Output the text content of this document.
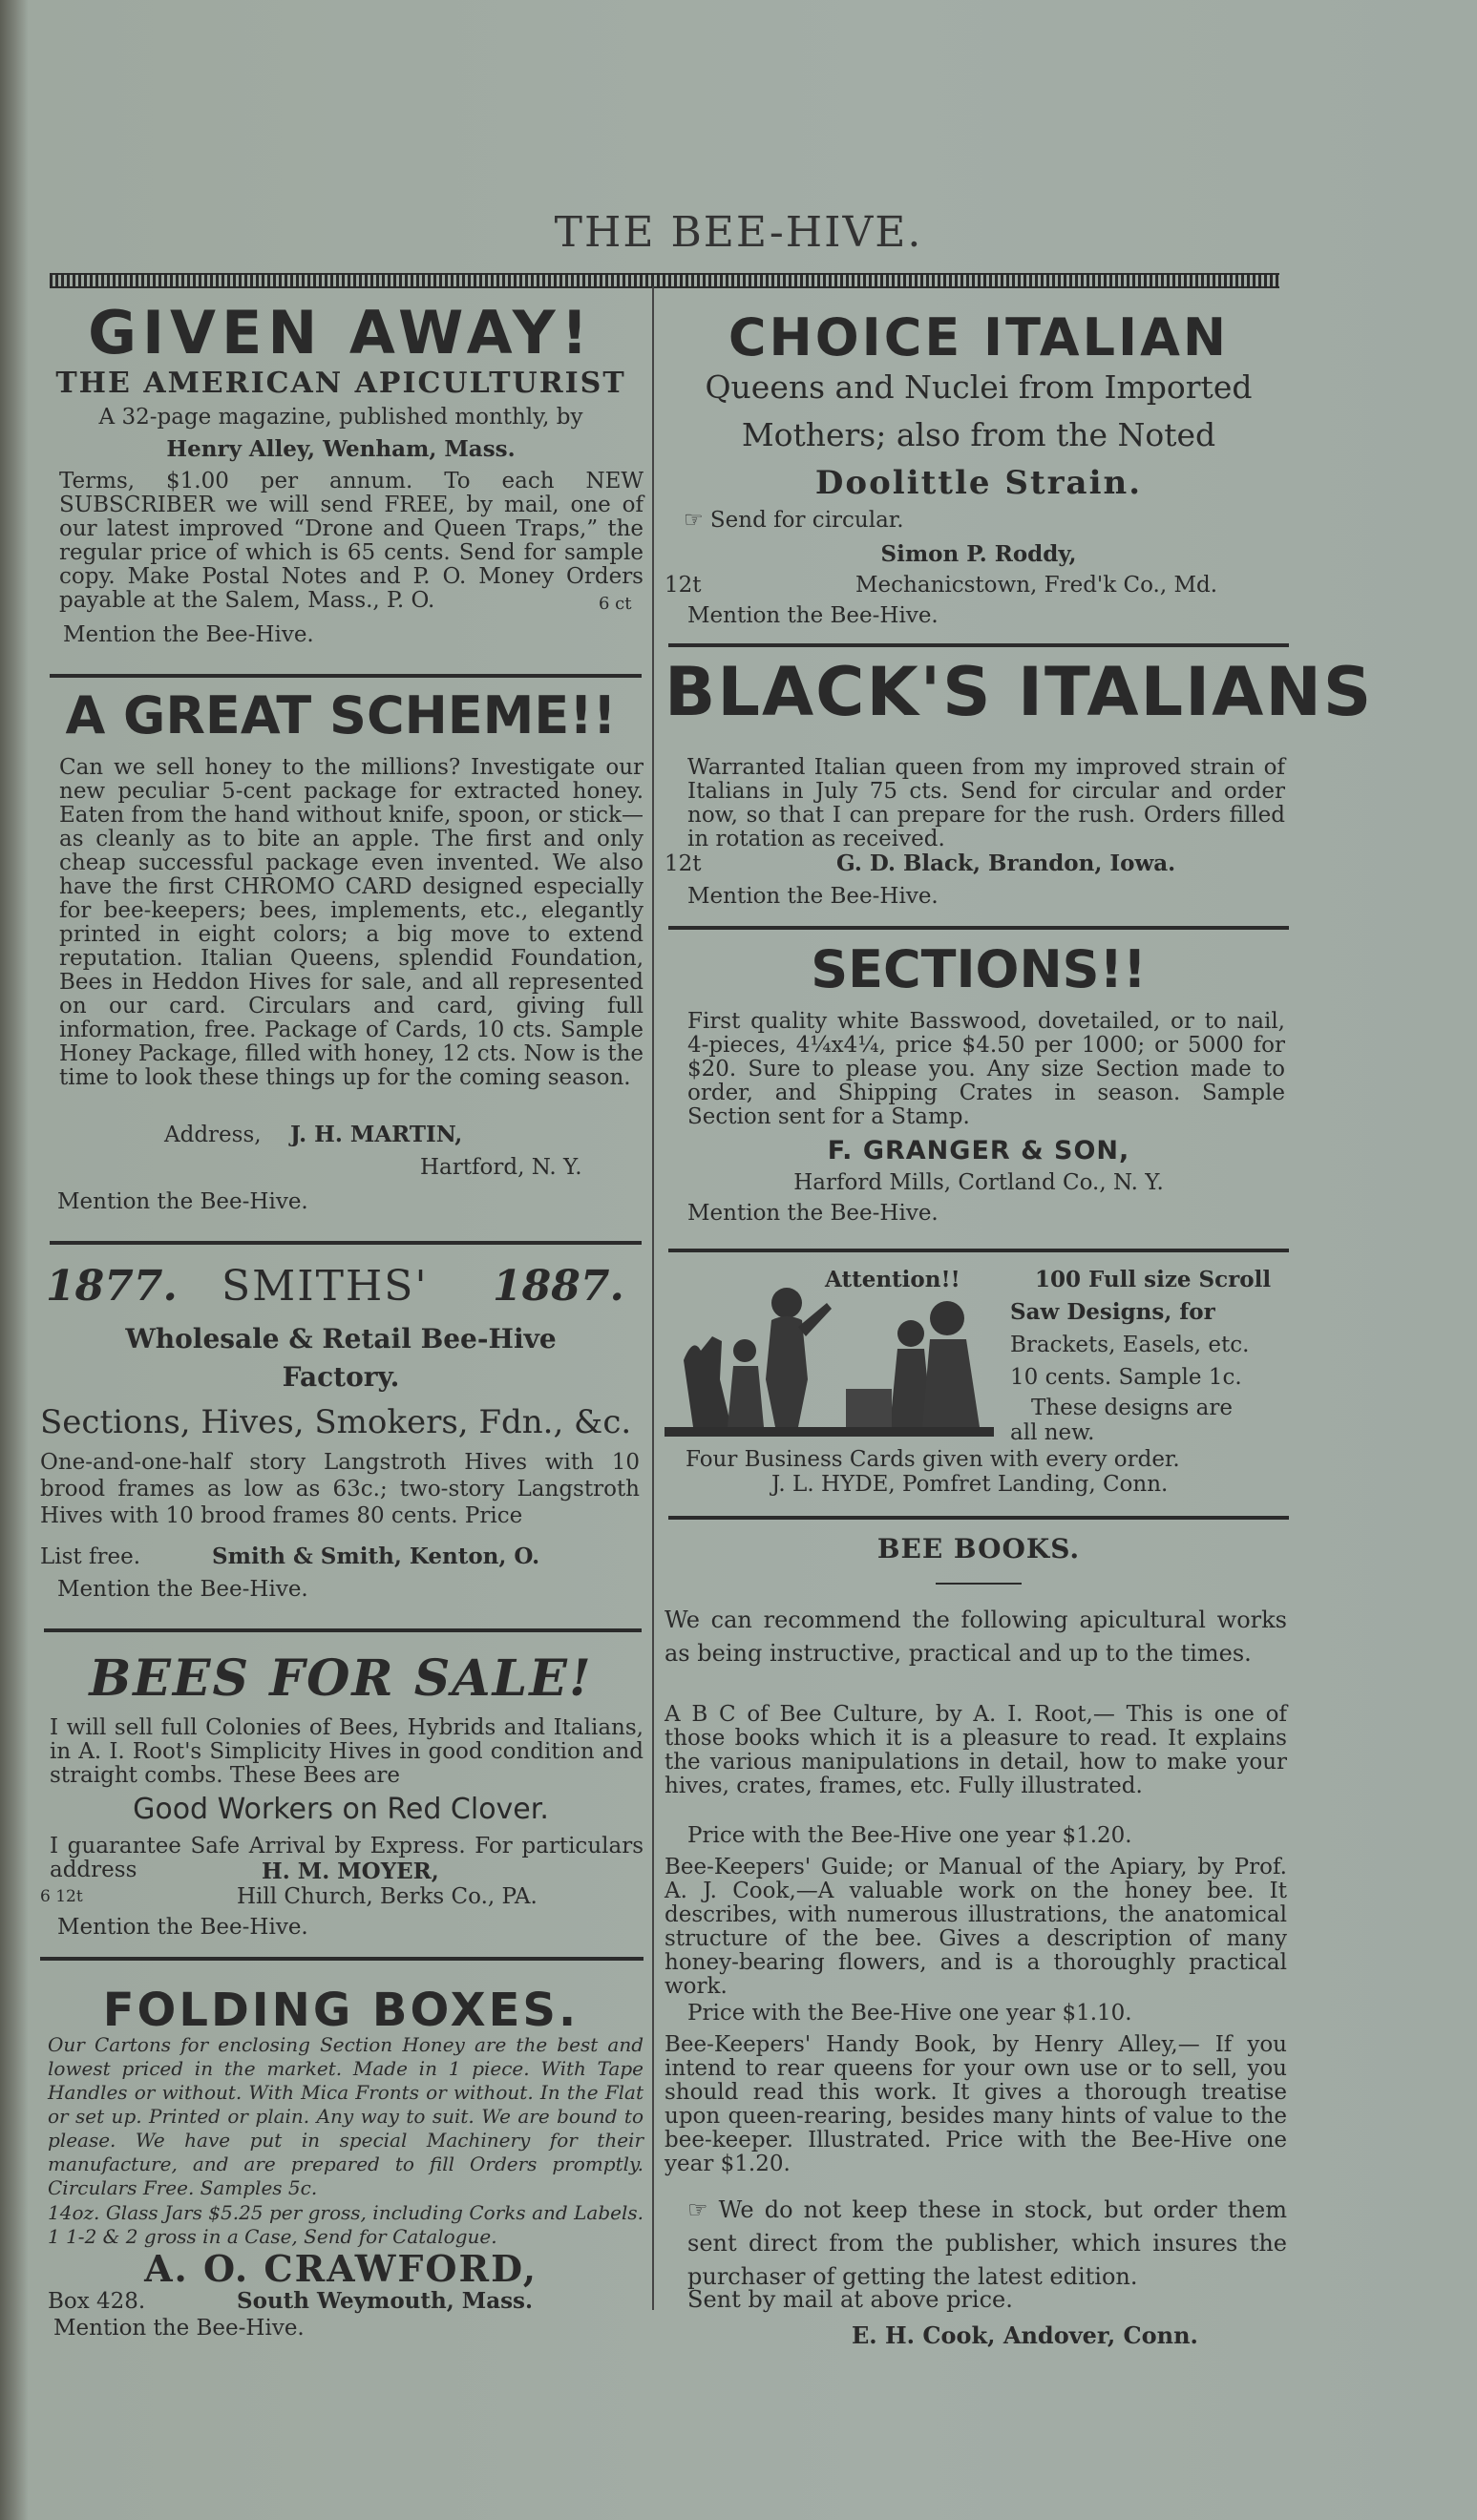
THE BEE-HIVE.
GIVEN AWAY!
THE AMERICAN APICULTURIST
A 32-page magazine, published monthly, by
Henry Alley, Wenham, Mass.
Terms, $1.00 per annum. To each NEW SUBSCRIBER we will send FREE, by mail, one of our latest improved “Drone and Queen Traps,” the regular price of which is 65 cents. Send for sample copy. Make Postal Notes and P. O. Money Orders payable at the Salem, Mass., P. O.	6 ct
Mention the Bee-Hive.
A GREAT SCHEME!!
Can we sell honey to the millions? Investigate our new peculiar 5-cent package for extracted honey. Eaten from the hand without knife, spoon, or stick—as cleanly as to bite an apple. The first and only cheap successful package even invented. We also have the first CHROMO CARD designed especially for bee-keepers; bees, implements, etc., elegantly printed in eight colors; a big move to extend reputation. Italian Queens, splendid Foundation, Bees in Heddon Hives for sale, and all represented on our card. Circulars and card, giving full information, free. Package of Cards, 10 cts. Sample Honey Package, filled with honey, 12 cts. Now is the time to look these things up for the coming season.
Address, J. H. MARTIN,
Hartford, N. Y.
Mention the Bee-Hive.
1877. SMITHS' 1887.
Wholesale & Retail Bee-Hive
Factory.
Sections, Hives, Smokers, Fdn., &c.
One-and-one-half story Langstroth Hives with 10 brood frames as low as 63c.; two-story Langstroth Hives with 10 brood frames 80 cents. Price
List free.	Smith & Smith, Kenton, O.
Mention the Bee-Hive.
BEES FOR SALE!
I will sell full Colonies of Bees, Hybrids and Italians, in A. I. Root's Simplicity Hives in good condition and straight combs. These Bees are
Good Workers on Red Clover.
I guarantee Safe Arrival by Express. For particulars address	H. M. MOYER,
6 12t	Hill Church, Berks Co., PA.
Mention the Bee-Hive.
FOLDING BOXES.
Our Cartons for enclosing Section Honey are the best and lowest priced in the market. Made in 1 piece. With Tape Handles or without. With Mica Fronts or without. In the Flat or set up. Printed or plain. Any way to suit. We are bound to please. We have put in special Machinery for their manufacture, and are prepared to fill Orders promptly. Circulars Free. Samples 5c.
14oz. Glass Jars $5.25 per gross, including Corks and Labels. 1 1-2 & 2 gross in a Case, Send for Catalogue.
A. O. CRAWFORD,
Box 428.	South Weymouth, Mass.
Mention the Bee-Hive.
CHOICE ITALIAN
Queens and Nuclei from Imported
Mothers; also from the Noted
Doolittle Strain.
☞ Send for circular.
Simon P. Roddy,
12t	Mechanicstown, Fred'k Co., Md.
Mention the Bee-Hive.
BLACK'S ITALIANS
Warranted Italian queen from my improved strain of Italians in July 75 cts. Send for circular and order now, so that I can prepare for the rush. Orders filled in rotation as received.
12t	G. D. Black, Brandon, Iowa.
Mention the Bee-Hive.
SECTIONS!!
First quality white Basswood, dovetailed, or to nail, 4-pieces, 4¼x4¼, price $4.50 per 1000; or 5000 for $20. Sure to please you. Any size Section made to order, and Shipping Crates in season. Sample Section sent for a Stamp.
F. GRANGER & SON,
Harford Mills, Cortland Co., N. Y.
Mention the Bee-Hive.
Attention!!	100 Full size Scroll
Saw Designs, for
Brackets, Easels, etc.
10 cents. Sample 1c.
These designs are
all new.
Four Business Cards given with every order.
J. L. HYDE, Pomfret Landing, Conn.
BEE BOOKS.
We can recommend the following apicultural works as being instructive, practical and up to the times.
A B C of Bee Culture, by A. I. Root,— This is one of those books which it is a pleasure to read. It explains the various manipulations in detail, how to make your hives, crates, frames, etc. Fully illustrated.
Price with the Bee-Hive one year $1.20.
Bee-Keepers' Guide; or Manual of the Apiary, by Prof. A. J. Cook,—A valuable work on the honey bee. It describes, with numerous illustrations, the anatomical structure of the bee. Gives a description of many honey-bearing flowers, and is a thoroughly practical work.
Price with the Bee-Hive one year $1.10.
Bee-Keepers' Handy Book, by Henry Alley,— If you intend to rear queens for your own use or to sell, you should read this work. It gives a thorough treatise upon queen-rearing, besides many hints of value to the bee-keeper. Illustrated. Price with the Bee-Hive one year $1.20.
☞ We do not keep these in stock, but order them sent direct from the publisher, which insures the purchaser of getting the latest edition.
Sent by mail at above price.
E. H. Cook, Andover, Conn.
